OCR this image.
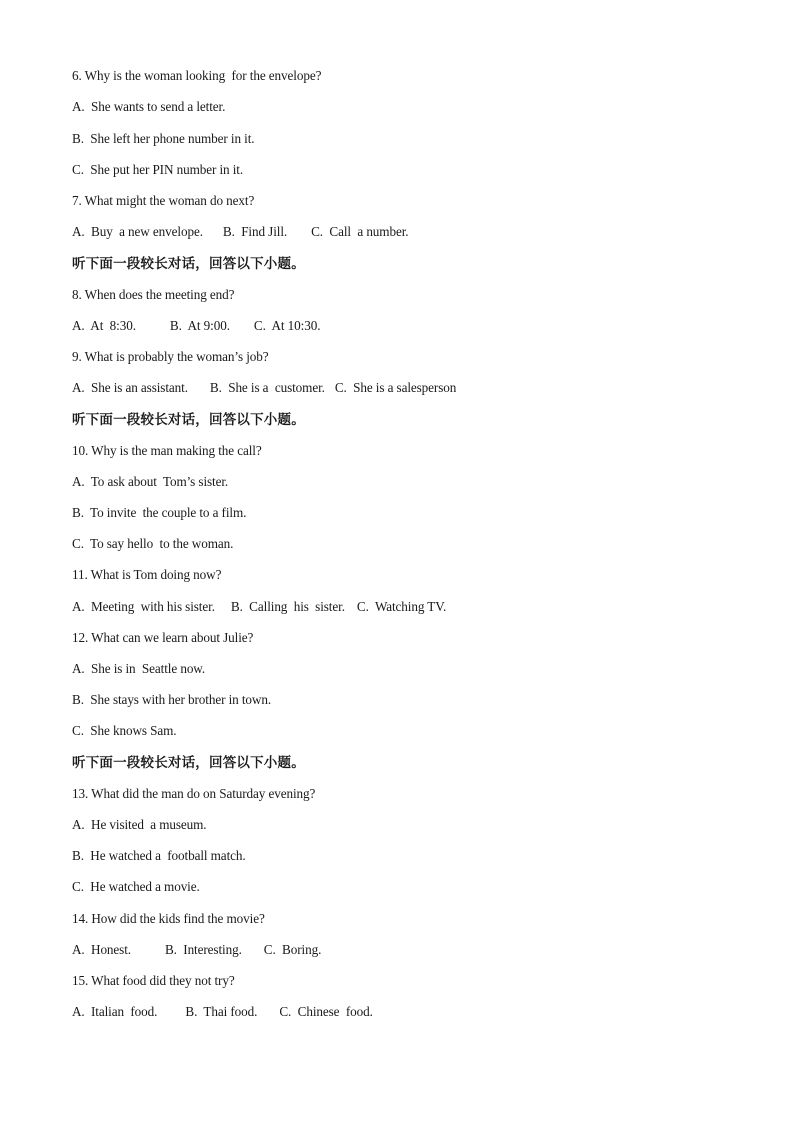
6. Why is the woman looking  for the envelope?
A.  She wants to send a letter.
B.  She left her phone number in it.
C.  She put her PIN number in it.
7. What might the woman do next?
A.  Buy  a new envelope. B.  Find Jill. C.  Call  a number.
听下面一段较长对话，回答以下小题。
8. When does the meeting end?
A.  At  8:30.	B.  At 9:00. C.  At 10:30.
9. What is probably the woman’s job?
A.  She is an assistant. B.  She is a  customer. C.  She is a salesperson
听下面一段较长对话，回答以下小题。
10. Why is the man making the call?
A.  To ask about  Tom’s sister.
B.  To invite  the couple to a film.
C.  To say hello  to the woman.
11. What is Tom doing now?
A.  Meeting  with his sister. B.  Calling  his  sister. C.  Watching TV.
12. What can we learn about Julie?
A.  She is in  Seattle now.
B.  She stays with her brother in town.
C.  She knows Sam.
听下面一段较长对话，回答以下小题。
13. What did the man do on Saturday evening?
A.  He visited  a museum.
B.  He watched a  football match.
C.  He watched a movie.
14. How did the kids find the movie?
A.  Honest.	B.  Interesting. C.  Boring.
15. What food did they not try?
A.  Italian  food. B.  Thai food. C.  Chinese  food.
